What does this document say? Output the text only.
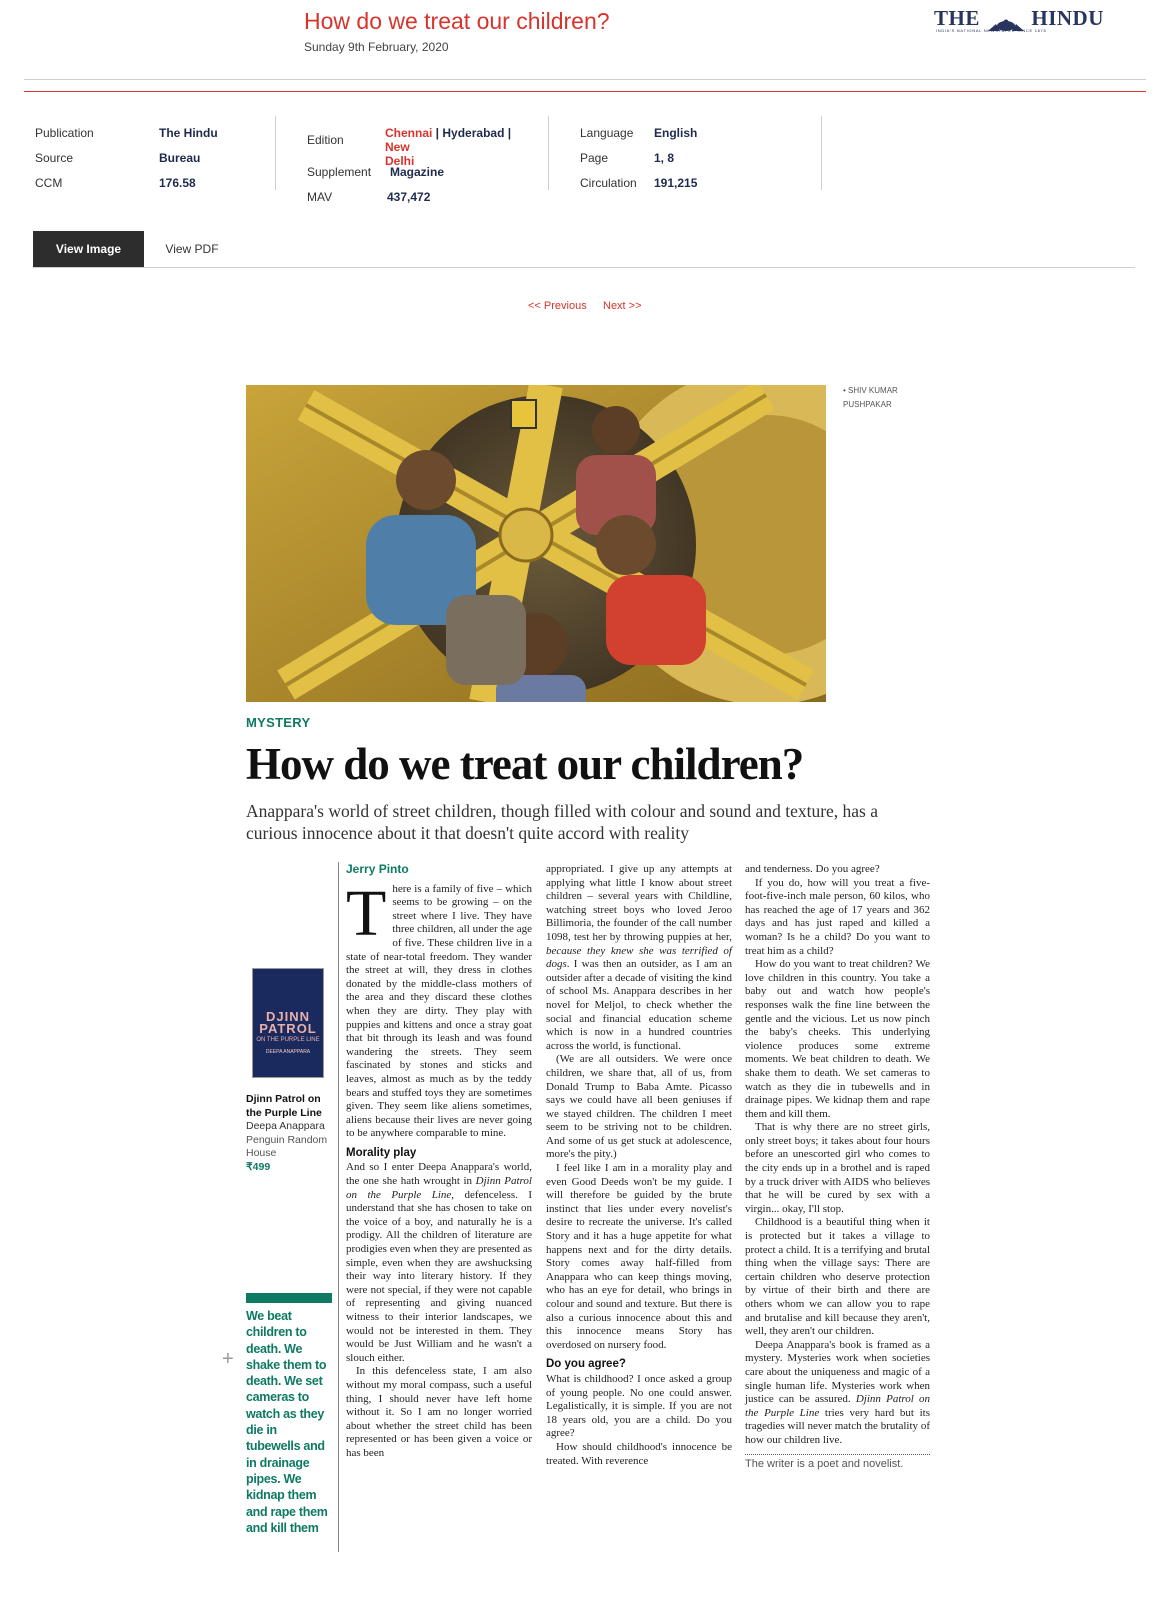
How do we treat our children?
Sunday 9th February, 2020
THE  HINDU
INDIA'S NATIONAL NEWSPAPER SINCE 1878
Publication	The Hindu
Source	Bureau
CCM	176.58
Edition	Chennai | Hyderabad | New
Delhi
Supplement Magazine
MAV	437,472
Language English
Page	1, 8
Circulation 191,215
View Image	View PDF
<< Previous Next >>
• SHIV KUMAR PUSHPAKAR
MYSTERY
How do we treat our children?
Anappara's world of street children, though filled with colour and sound and texture, has a curious innocence about it that doesn't quite accord with reality
DJINN PATROL
ON THE PURPLE LINE
DEEPA ANAPPARA
Djinn Patrol on the Purple Line
Deepa Anappara
Penguin Random House
₹499
We beat children to death. We shake them to death. We set cameras to watch as they die in tubewells and in drainage pipes. We kidnap them and rape them and kill them
+
Jerry Pinto
T here is a family of five – which seems to be growing – on the street where I live. They have three children, all under the age of five. These children live in a state of near-total freedom. They wander the street at will, they dress in clothes donated by the middle-class mothers of the area and they discard these clothes when they are dirty. They play with puppies and kittens and once a stray goat that bit through its leash and was found wandering the streets. They seem fascinated by stones and sticks and leaves, almost as much as by the teddy bears and stuffed toys they are sometimes given. They seem like aliens sometimes, aliens because their lives are never going to be anywhere comparable to mine.

Morality play

And so I enter Deepa Anappara's world, the one she hath wrought in Djinn Patrol on the Purple Line, defenceless. I understand that she has chosen to take on the voice of a boy, and naturally he is a prodigy. All the children of literature are prodigies even when they are presented as simple, even when they are awshucksing their way into literary history. If they were not special, if they were not capable of representing and giving nuanced witness to their interior landscapes, we would not be interested in them. They would be Just William and he wasn't a slouch either.

In this defenceless state, I am also without my moral compass, such a useful thing, I should never have left home without it. So I am no longer worried about whether the street child has been represented or has been given a voice or has been

appropriated. I give up any attempts at applying what little I know about street children – several years with Childline, watching street boys who loved Jeroo Billimoria, the founder of the call number 1098, test her by throwing puppies at her, because they knew she was terrified of dogs. I was then an outsider, as I am an outsider after a decade of visiting the kind of school Ms. Anappara describes in her novel for Meljol, to check whether the social and financial education scheme which is now in a hundred countries across the world, is functional.

(We are all outsiders. We were once children, we share that, all of us, from Donald Trump to Baba Amte. Picasso says we could have all been geniuses if we stayed children. The children I meet seem to be striving not to be children. And some of us get stuck at adolescence, more's the pity.)

I feel like I am in a morality play and even Good Deeds won't be my guide. I will therefore be guided by the brute instinct that lies under every novelist's desire to recreate the universe. It's called Story and it has a huge appetite for what happens next and for the dirty details. Story comes away half-filled from Anappara who can keep things moving, who has an eye for detail, who brings in colour and sound and texture. But there is also a curious innocence about this and this innocence means Story has overdosed on nursery food.

Do you agree?

What is childhood? I once asked a group of young people. No one could answer. Legalistically, it is simple. If you are not 18 years old, you are a child. Do you agree?

How should childhood's innocence be treated. With reverence

and tenderness. Do you agree?

If you do, how will you treat a five-foot-five-inch male person, 60 kilos, who has reached the age of 17 years and 362 days and has just raped and killed a woman? Is he a child? Do you want to treat him as a child?

How do you want to treat children? We love children in this country. You take a baby out and watch how people's responses walk the fine line between the gentle and the vicious. Let us now pinch the baby's cheeks. This underlying violence produces some extreme moments. We beat children to death. We shake them to death. We set cameras to watch as they die in tubewells and in drainage pipes. We kidnap them and rape them and kill them.

That is why there are no street girls, only street boys; it takes about four hours before an unescorted girl who comes to the city ends up in a brothel and is raped by a truck driver with AIDS who believes that he will be cured by sex with a virgin... okay, I'll stop.

Childhood is a beautiful thing when it is protected but it takes a village to protect a child. It is a terrifying and brutal thing when the village says: There are certain children who deserve protection by virtue of their birth and there are others whom we can allow you to rape and brutalise and kill because they aren't, well, they aren't our children.

Deepa Anappara's book is framed as a mystery. Mysteries work when societies care about the uniqueness and magic of a single human life. Mysteries work when justice can be assured. Djinn Patrol on the Purple Line tries very hard but its tragedies will never match the brutality of how our children live.

The writer is a poet and novelist.
